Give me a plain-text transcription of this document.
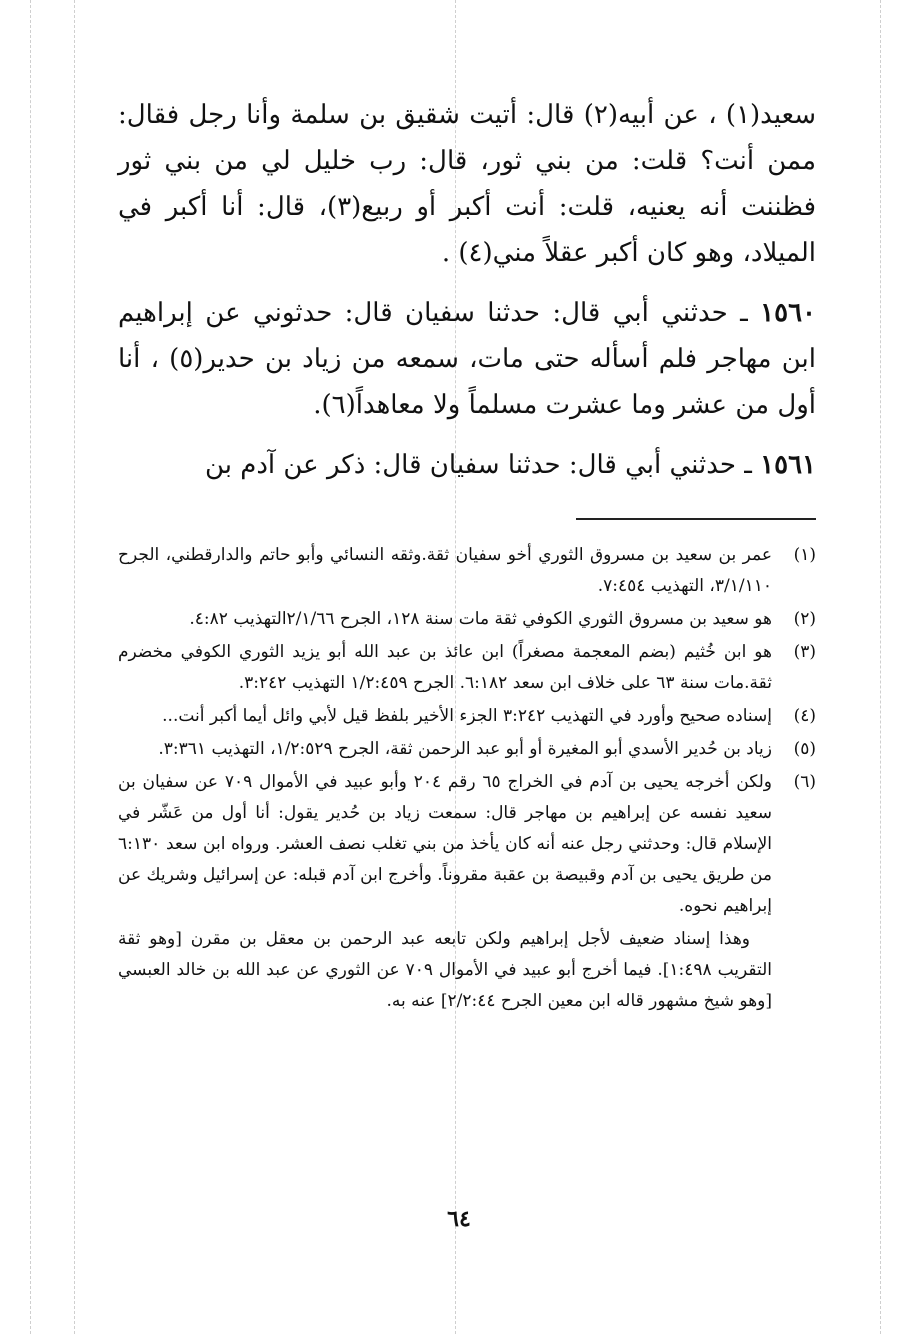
سعيد(١) ، عن أبيه(٢) قال: أتيت شقيق بن سلمة وأنا رجل فقال: ممن أنت؟ قلت: من بني ثور، قال: رب خليل لي من بني ثور فظننت أنه يعنيه، قلت: أنت أكبر أو ربيع(٣)، قال: أنا أكبر في الميلاد، وهو كان أكبر عقلاً مني(٤) .

١٥٦٠ ـ حدثني أبي قال: حدثنا سفيان قال: حدثوني عن إبراهيم ابن مهاجر فلم أسأله حتى مات، سمعه من زياد بن حدير(٥) ، أنا أول من عشر وما عشرت مسلماً ولا معاهداً(٦).

١٥٦١ ـ حدثني أبي قال: حدثنا سفيان قال: ذكر عن آدم بن

(١)
عمر بن سعيد بن مسروق الثوري أخو سفيان ثقة.وثقه النسائي وأبو حاتم والدارقطني، الجرح ٣/١/١١٠، التهذيب ٧:٤٥٤.
(٢)
هو سعيد بن مسروق الثوري الكوفي ثقة مات سنة ١٢٨، الجرح ٢/١/٦٦التهذيب ٤:٨٢.
(٣)
هو ابن خُثيم (بضم المعجمة مصغراً) ابن عائذ بن عبد الله أبو يزيد الثوري الكوفي مخضرم ثقة.مات سنة ٦٣ على خلاف ابن سعد ٦:١٨٢. الجرح ١/٢:٤٥٩ التهذيب ٣:٢٤٢.
(٤)
إسناده صحيح وأورد في التهذيب ٣:٢٤٢ الجزء الأخير بلفظ قيل لأبي وائل أيما أكبر أنت...
(٥)
زياد بن حُدير الأسدي أبو المغيرة أو أبو عبد الرحمن ثقة، الجرح ١/٢:٥٢٩، التهذيب ٣:٣٦١.
(٦)
ولكن أخرجه يحيى بن آدم في الخراج ٦٥ رقم ٢٠٤ وأبو عبيد في الأموال ٧٠٩ عن سفيان بن سعيد نفسه عن إبراهيم بن مهاجر قال: سمعت زياد بن حُدير يقول: أنا أول من عَشّر في الإسلام قال: وحدثني رجل عنه أنه كان يأخذ من بني تغلب نصف العشر. ورواه ابن سعد ٦:١٣٠ من طريق يحيى بن آدم وقبيصة بن عقبة مقروناً. وأخرج ابن آدم قبله: عن إسرائيل وشريك عن إبراهيم نحوه.
وهذا إسناد ضعيف لأجل إبراهيم ولكن تابعه عبد الرحمن بن معقل بن مقرن [وهو ثقة التقريب ١:٤٩٨]. فيما أخرج أبو عبيد في الأموال ٧٠٩ عن الثوري عن عبد الله بن خالد العبسي [وهو شيخ مشهور قاله ابن معين الجرح ٢/٢:٤٤] عنه به.
٦٤
